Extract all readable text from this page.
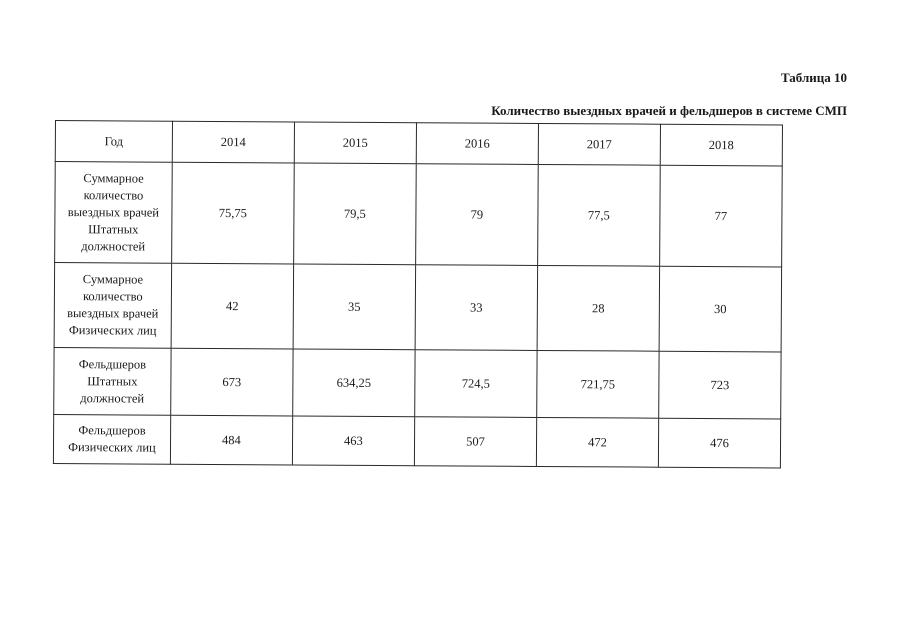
Таблица 10
Количество выездных врачей и фельдшеров в системе СМП
Год	2014	2015	2016	2017	2018
Суммарное
количество
выездных врачей
Штатных
должностей	75,75	79,5	79	77,5	77
Суммарное
количество
выездных врачей
Физических лиц	42	35	33	28	30
Фельдшеров
Штатных
должностей	673	634,25	724,5	721,75	723
Фельдшеров
Физических лиц	484	463	507	472	476
